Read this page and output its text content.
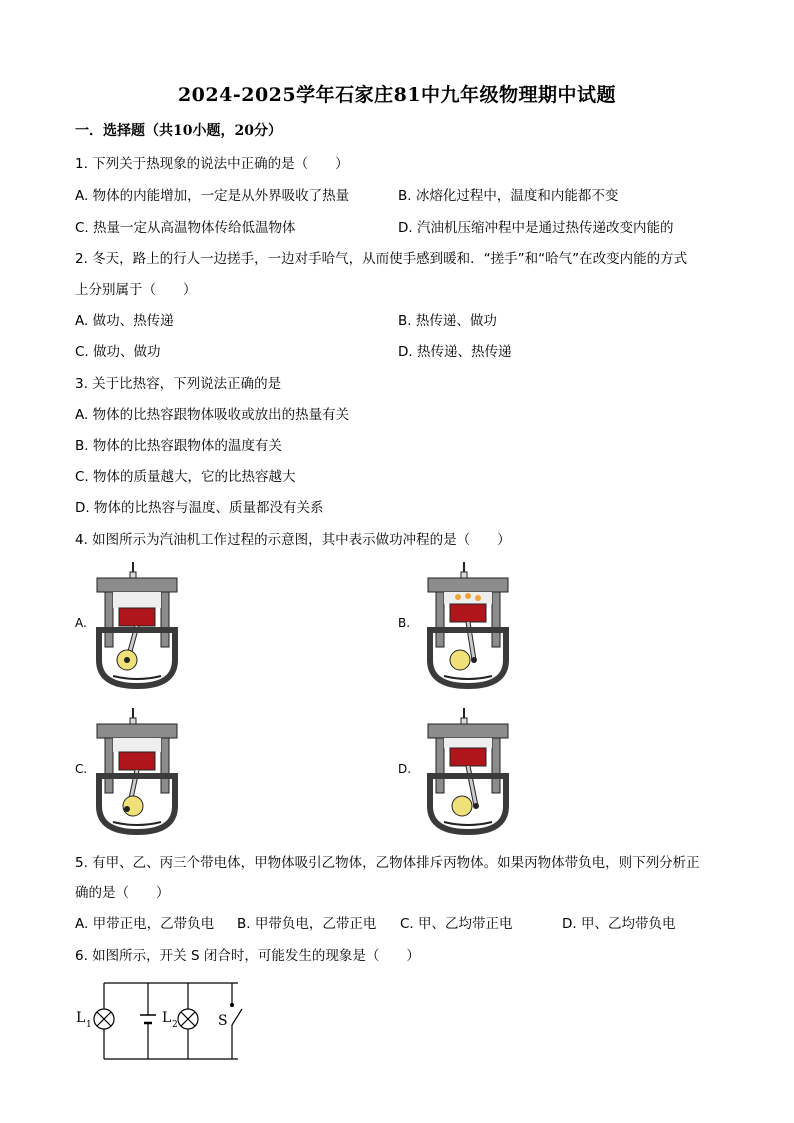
2024-2025学年石家庄81中九年级物理期中试题
一．选择题（共10小题，20分）
1. 下列关于热现象的说法中正确的是（　　）
A. 物体的内能增加，一定是从外界吸收了热量	B. 冰熔化过程中，温度和内能都不变
C. 热量一定从高温物体传给低温物体	D. 汽油机压缩冲程中是通过热传递改变内能的
2. 冬天，路上的行人一边搓手，一边对手哈气，从而使手感到暖和．“搓手”和“哈气”在改变内能的方式
上分别属于（　　）
A. 做功、热传递	B. 热传递、做功
C. 做功、做功	D. 热传递、热传递
3. 关于比热容，下列说法正确的是
A. 物体的比热容跟物体吸收或放出的热量有关
B. 物体的比热容跟物体的温度有关
C. 物体的质量越大，它的比热容越大
D. 物体的比热容与温度、质量都没有关系
4. 如图所示为汽油机工作过程的示意图，其中表示做功冲程的是（　　）
A.	B.
C.	D.
5. 有甲、乙、丙三个带电体，甲物体吸引乙物体，乙物体排斥丙物体。如果丙物体带负电，则下列分析正
确的是（　　）
A. 甲带正电，乙带负电 B. 甲带负电，乙带正电 C. 甲、乙均带正电	D. 甲、乙均带负电
6. 如图所示，开关 S 闭合时，可能发生的现象是（　　）
L 1	L 2	S
